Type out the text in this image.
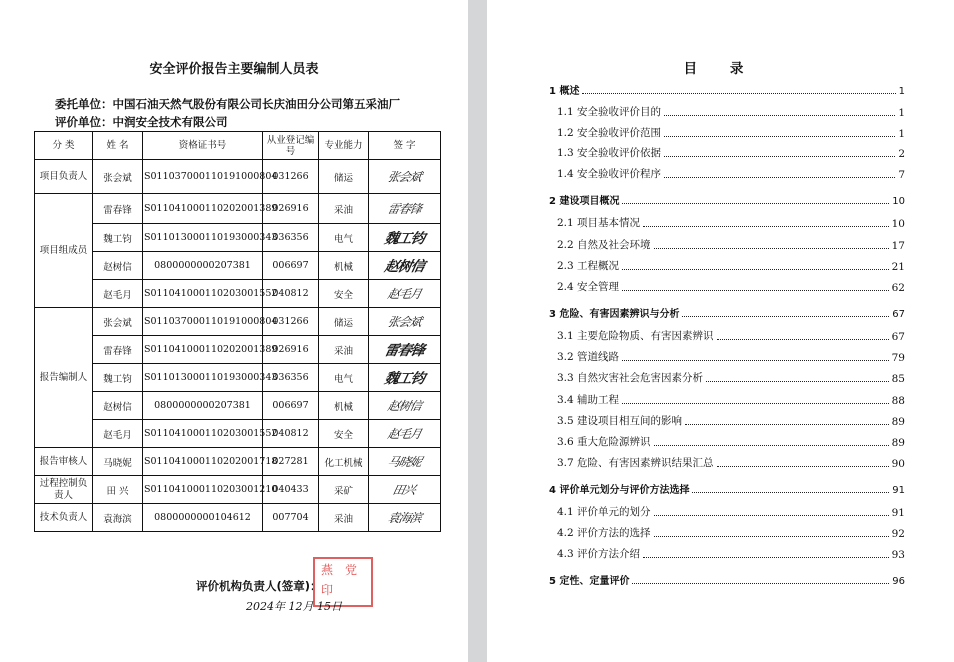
安全评价报告主要编制人员表
委托单位：中国石油天然气股份有限公司长庆油田分公司第五采油厂
评价单位：中润安全技术有限公司
分 类	姓 名	资格证书号	从业登记编号	专业能力	签 字
项目负责人	张会斌	S011037000110191000804	031266	储运	张会斌
项目组成员	雷春锋	S011041000110202001389	026916	采油	雷春锋
	魏工钧	S011013000110193000343	036356	电气	魏工钧
	赵树信	0800000000207381	006697	机械	赵树信
	赵毛月	S011041000110203001552	040812	安全	赵毛月
报告编制人	张会斌	S011037000110191000804	031266	储运	张会斌
	雷春锋	S011041000110202001389	026916	采油	雷春锋
	魏工钧	S011013000110193000343	036356	电气	魏工钧
	赵树信	0800000000207381	006697	机械	赵树信
	赵毛月	S011041000110203001552	040812	安全	赵毛月
报告审核人	马晓妮	S011041000110202001718	027281	化工机械	马晓妮
过程控制负责人	田 兴	S011041000110203001210	040433	采矿	田兴
技术负责人	袁海滨	0800000000104612	007704	采油	袁海滨
评价机构负责人(签章)：
燕 党
印
2024年 12月 15日
目 录
1 概述	1
1.1 安全验收评价目的	1
1.2 安全验收评价范围	1
1.3 安全验收评价依据	2
1.4 安全验收评价程序	7
2 建设项目概况	10
2.1 项目基本情况	10
2.2 自然及社会环境	17
2.3 工程概况	21
2.4 安全管理	62
3 危险、有害因素辨识与分析	67
3.1 主要危险物质、有害因素辨识	67
3.2 管道线路	79
3.3 自然灾害社会危害因素分析	85
3.4 辅助工程	88
3.5 建设项目相互间的影响	89
3.6 重大危险源辨识	89
3.7 危险、有害因素辨识结果汇总	90
4 评价单元划分与评价方法选择	91
4.1 评价单元的划分	91
4.2 评价方法的选择	92
4.3 评价方法介绍	93
5 定性、定量评价	96
